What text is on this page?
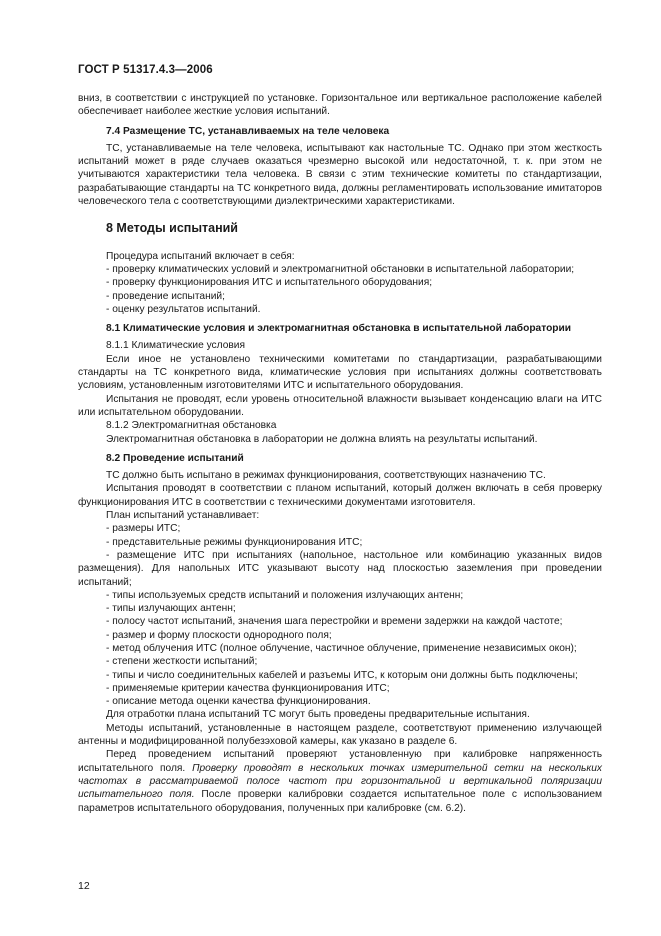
ГОСТ Р 51317.4.3—2006

вниз, в соответствии с инструкцией по установке. Горизонтальное или вертикальное расположение кабелей обеспечивает наиболее жесткие условия испытаний.

7.4 Размещение ТС, устанавливаемых на теле человека

ТС, устанавливаемые на теле человека, испытывают как настольные ТС. Однако при этом жесткость испытаний может в ряде случаев оказаться чрезмерно высокой или недостаточной, т. к. при этом не учитываются характеристики тела человека. В связи с этим технические комитеты по стандартизации, разрабатывающие стандарты на ТС конкретного вида, должны регламентировать использование имитаторов человеческого тела с соответствующими диэлектрическими характеристиками.

8 Методы испытаний

Процедура испытаний включает в себя:

- проверку климатических условий и электромагнитной обстановки в испытательной лаборатории;

- проверку функционирования ИТС и испытательного оборудования;

- проведение испытаний;

- оценку результатов испытаний.

8.1 Климатические условия и электромагнитная обстановка в испытательной лаборатории

8.1.1 Климатические условия

Если иное не установлено техническими комитетами по стандартизации, разрабатывающими стандарты на ТС конкретного вида, климатические условия при испытаниях должны соответствовать условиям, установленным изготовителями ИТС и испытательного оборудования.

Испытания не проводят, если уровень относительной влажности вызывает конденсацию влаги на ИТС или испытательном оборудовании.

8.1.2 Электромагнитная обстановка

Электромагнитная обстановка в лаборатории не должна влиять на результаты испытаний.

8.2 Проведение испытаний

ТС должно быть испытано в режимах функционирования, соответствующих назначению ТС.

Испытания проводят в соответствии с планом испытаний, который должен включать в себя проверку функционирования ИТС в соответствии с техническими документами изготовителя.

План испытаний устанавливает:

- размеры ИТС;

- представительные режимы функционирования ИТС;

- размещение ИТС при испытаниях (напольное, настольное или комбинацию указанных видов размещения). Для напольных ИТС указывают высоту над плоскостью заземления при проведении испытаний;

- типы используемых средств испытаний и положения излучающих антенн;

- типы излучающих антенн;

- полосу частот испытаний, значения шага перестройки и времени задержки на каждой частоте;

- размер и форму плоскости однородного поля;

- метод облучения ИТС (полное облучение, частичное облучение, применение независимых окон);

- степени жесткости испытаний;

- типы и число соединительных кабелей и разъемы ИТС, к которым они должны быть подключены;

- применяемые критерии качества функционирования ИТС;

- описание метода оценки качества функционирования.

Для отработки плана испытаний ТС могут быть проведены предварительные испытания.

Методы испытаний, установленные в настоящем разделе, соответствуют применению излучающей антенны и модифицированной полубезэховой камеры, как указано в разделе 6.

Перед проведением испытаний проверяют установленную при калибровке напряженность испытательного поля. Проверку проводят в нескольких точках измерительной сетки на нескольких частотах в рассматриваемой полосе частот при горизонтальной и вертикальной поляризации испытательного поля. После проверки калибровки создается испытательное поле с использованием параметров испытательного оборудования, полученных при калибровке (см. 6.2).

12
